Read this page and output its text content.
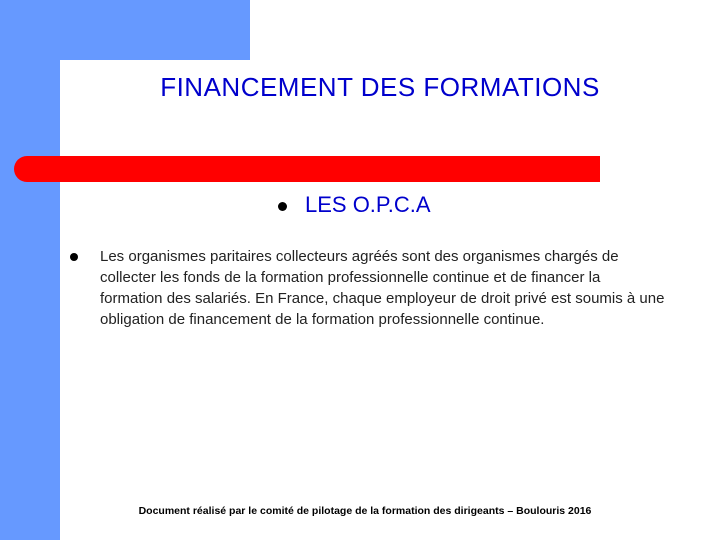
FINANCEMENT DES FORMATIONS
LES O.P.C.A
Les organismes paritaires collecteurs agréés sont des organismes chargés de collecter les fonds de la formation professionnelle continue et de financer la formation des salariés. En France, chaque employeur de droit privé est soumis à une obligation de financement de la formation professionnelle continue.
Document réalisé par le comité de pilotage de la formation des dirigeants – Boulouris 2016
